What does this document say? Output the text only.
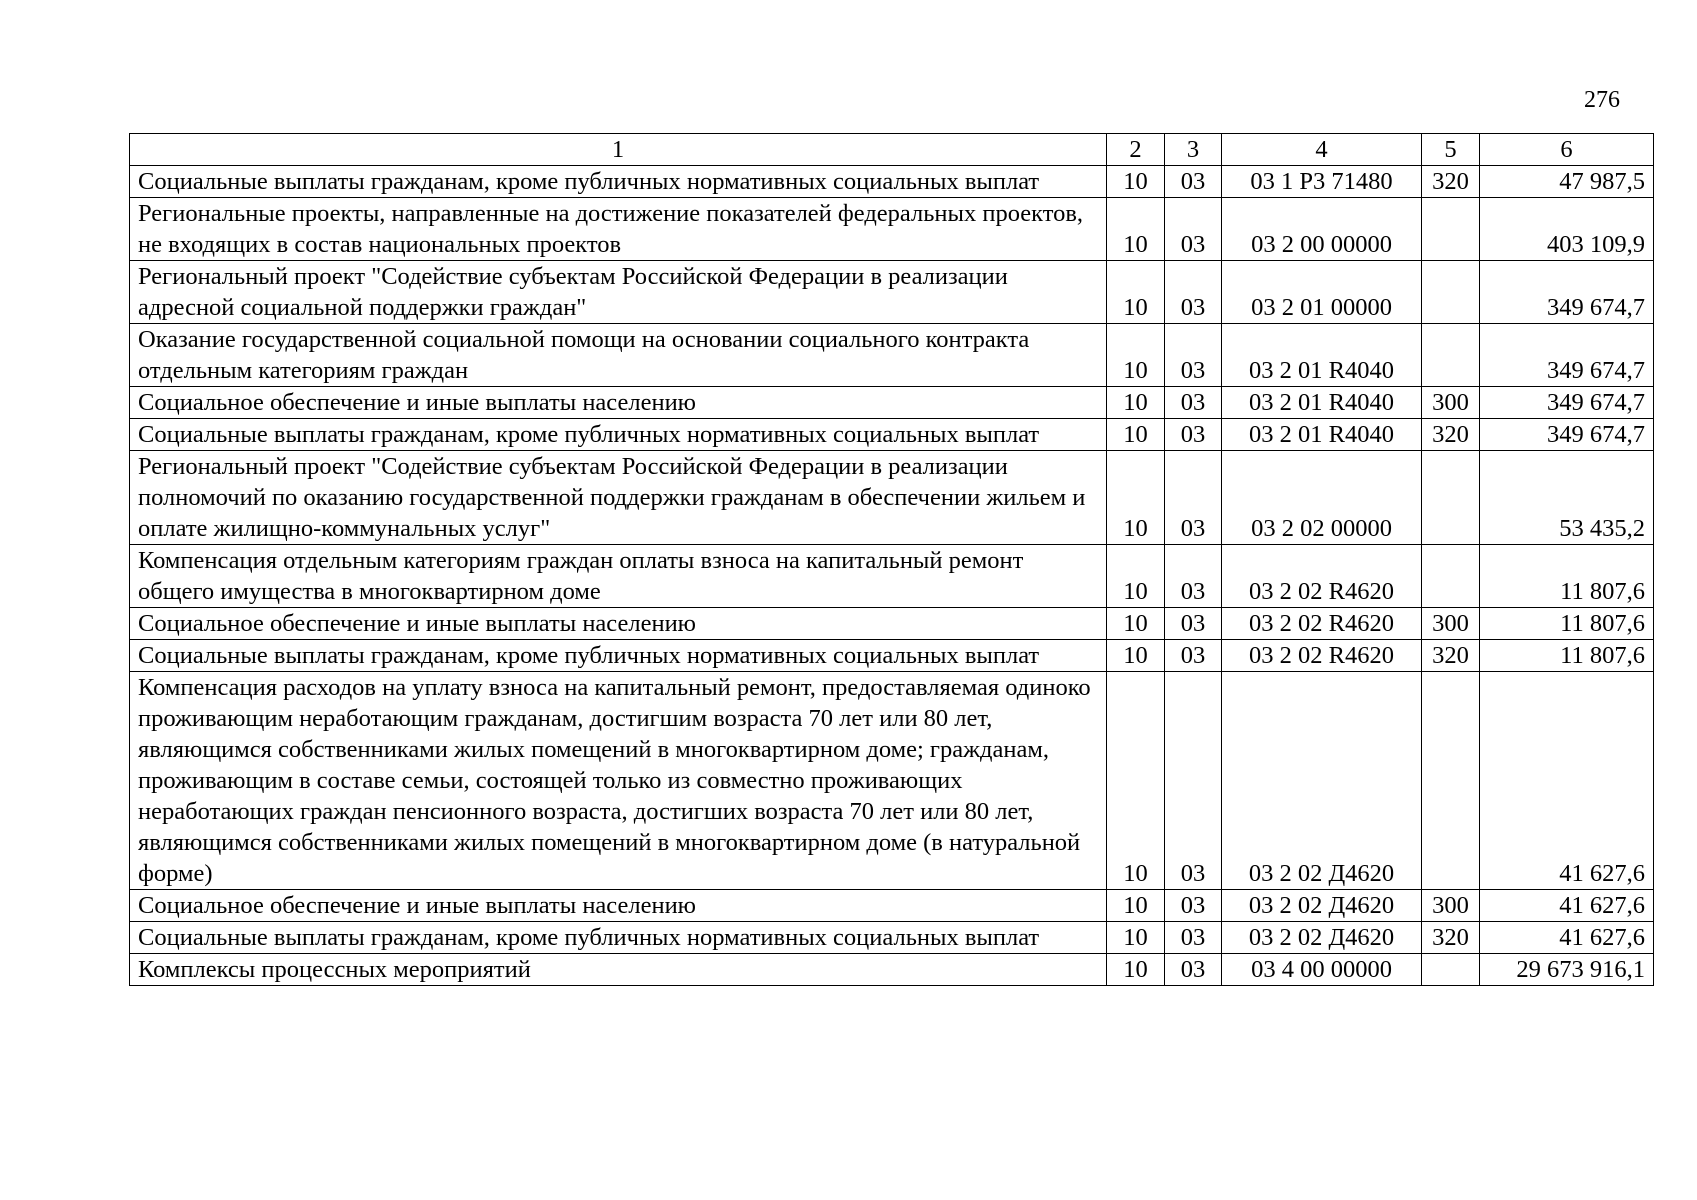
276
1	2	3	4	5	6
Социальные выплаты гражданам, кроме публичных нормативных социальных выплат	10	03	03 1 Р3 71480	320	47 987,5
Региональные проекты, направленные на достижение показателей федеральных проектов, не входящих в состав национальных проектов	10	03	03 2 00 00000		403 109,9
Региональный проект "Содействие субъектам Российской Федерации в реализации адресной социальной поддержки граждан"	10	03	03 2 01 00000		349 674,7
Оказание государственной социальной помощи на основании социального контракта отдельным категориям граждан	10	03	03 2 01 R4040		349 674,7
Социальное обеспечение и иные выплаты населению	10	03	03 2 01 R4040	300	349 674,7
Социальные выплаты гражданам, кроме публичных нормативных социальных выплат	10	03	03 2 01 R4040	320	349 674,7
Региональный проект "Содействие субъектам Российской Федерации в реализации полномочий по оказанию государственной поддержки гражданам в обеспечении жильем и оплате жилищно-коммунальных услуг"	10	03	03 2 02 00000		53 435,2
Компенсация отдельным категориям граждан оплаты взноса на капитальный ремонт общего имущества в многоквартирном доме	10	03	03 2 02 R4620		11 807,6
Социальное обеспечение и иные выплаты населению	10	03	03 2 02 R4620	300	11 807,6
Социальные выплаты гражданам, кроме публичных нормативных социальных выплат	10	03	03 2 02 R4620	320	11 807,6
Компенсация расходов на уплату взноса на капитальный ремонт, предоставляемая одиноко проживающим неработающим гражданам, достигшим возраста 70 лет или 80 лет, являющимся собственниками жилых помещений в многоквартирном доме; гражданам, проживающим в составе семьи, состоящей только из совместно проживающих неработающих граждан пенсионного возраста, достигших возраста 70 лет или 80 лет, являющимся собственниками жилых помещений в многоквартирном доме (в натуральной форме)	10	03	03 2 02 Д4620		41 627,6
Социальное обеспечение и иные выплаты населению	10	03	03 2 02 Д4620	300	41 627,6
Социальные выплаты гражданам, кроме публичных нормативных социальных выплат	10	03	03 2 02 Д4620	320	41 627,6
Комплексы процессных мероприятий	10	03	03 4 00 00000		29 673 916,1
